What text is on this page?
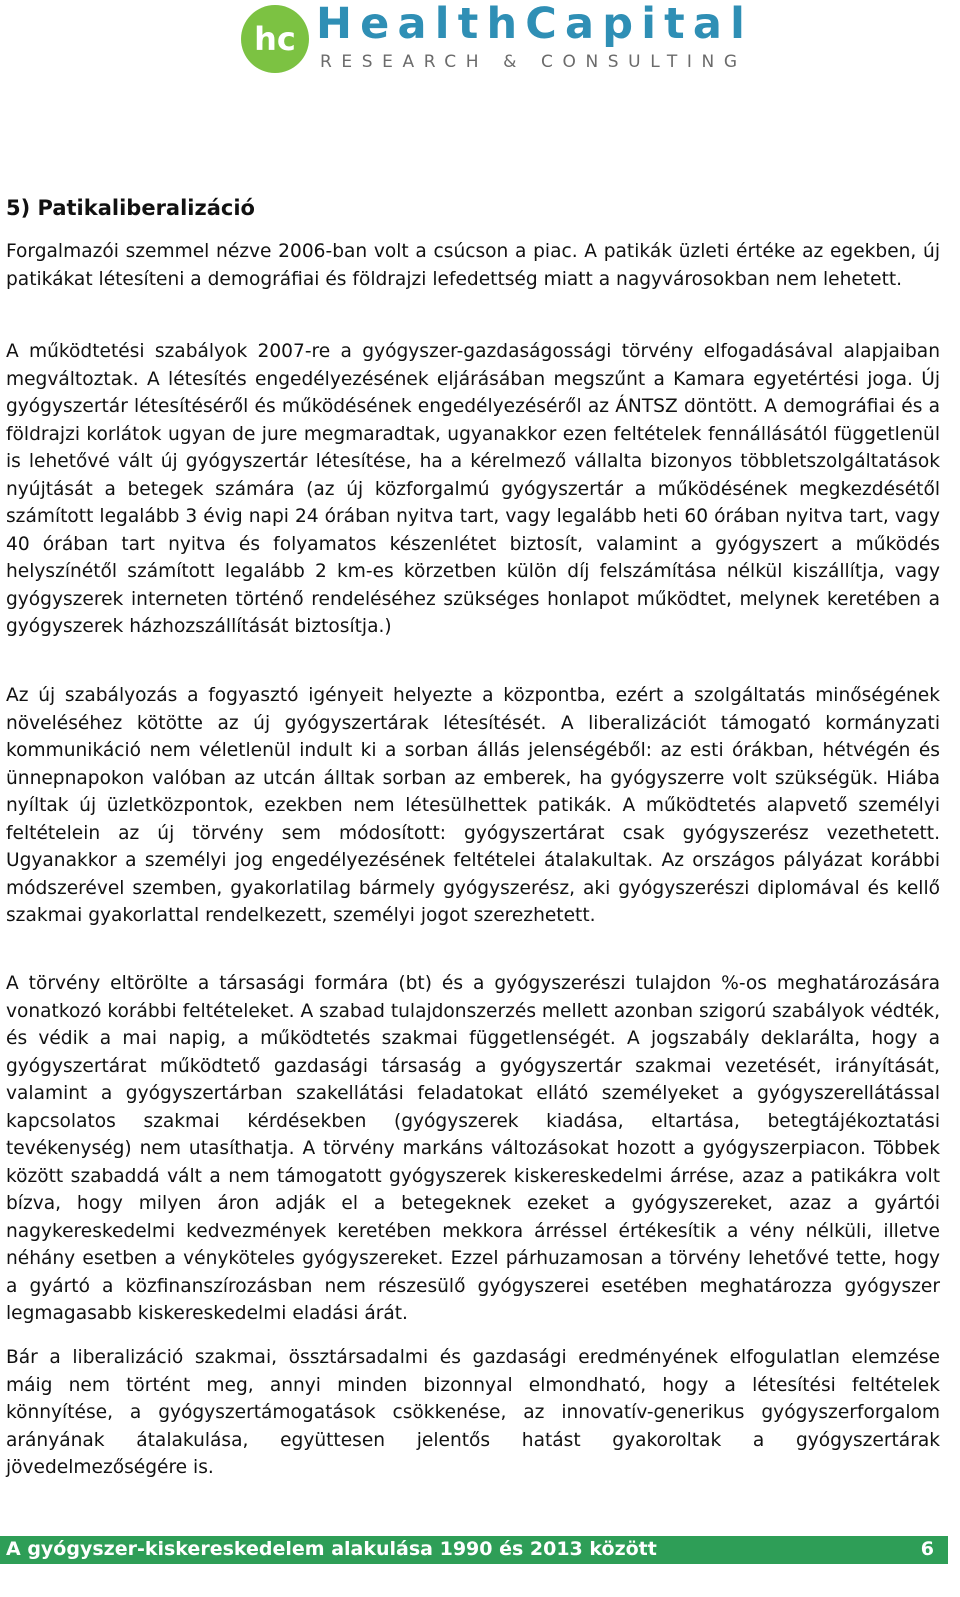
hc HealthCapital
RESEARCH & CONSULTING
5) Patikaliberalizáció

Forgalmazói szemmel nézve 2006-ban volt a csúcson a piac. A patikák üzleti értéke az egekben, új patikákat létesíteni a demográfiai és földrajzi lefedettség miatt a nagyvárosokban nem lehetett.

A működtetési szabályok 2007-re a gyógyszer-gazdaságossági törvény elfogadásával alapjaiban megváltoztak. A létesítés engedélyezésének eljárásában megszűnt a Kamara egyetértési joga. Új gyógyszertár létesítéséről és működésének engedélyezéséről az ÁNTSZ döntött. A demográfiai és a földrajzi korlátok ugyan de jure megmaradtak, ugyanakkor ezen feltételek fennállásától függetlenül is lehetővé vált új gyógyszertár létesítése, ha a kérelmező vállalta bizonyos többletszolgáltatások nyújtását a betegek számára (az új közforgalmú gyógyszertár a működésének megkezdésétől számított legalább 3 évig napi 24 órában nyitva tart, vagy legalább heti 60 órában nyitva tart, vagy 40 órában tart nyitva és folyamatos készenlétet biztosít, valamint a gyógyszert a működés helyszínétől számított legalább 2 km-es körzetben külön díj felszámítása nélkül kiszállítja, vagy gyógyszerek interneten történő rendeléséhez szükséges honlapot működtet, melynek keretében a gyógyszerek házhozszállítását biztosítja.)

Az új szabályozás a fogyasztó igényeit helyezte a központba, ezért a szolgáltatás minőségének növeléséhez kötötte az új gyógyszertárak létesítését. A liberalizációt támogató kormányzati kommunikáció nem véletlenül indult ki a sorban állás jelenségéből: az esti órákban, hétvégén és ünnepnapokon valóban az utcán álltak sorban az emberek, ha gyógyszerre volt szükségük. Hiába nyíltak új üzletközpontok, ezekben nem létesülhettek patikák. A működtetés alapvető személyi feltételein az új törvény sem módosított: gyógyszertárat csak gyógyszerész vezethetett. Ugyanakkor a személyi jog engedélyezésének feltételei átalakultak. Az országos pályázat korábbi módszerével szemben, gyakorlatilag bármely gyógyszerész, aki gyógyszerészi diplomával és kellő szakmai gyakorlattal rendelkezett, személyi jogot szerezhetett.

A törvény eltörölte a társasági formára (bt) és a gyógyszerészi tulajdon %-os meghatározására vonatkozó korábbi feltételeket. A szabad tulajdonszerzés mellett azonban szigorú szabályok védték, és védik a mai napig, a működtetés szakmai függetlenségét. A jogszabály deklarálta, hogy a gyógyszertárat működtető gazdasági társaság a gyógyszertár szakmai vezetését, irányítását, valamint a gyógyszertárban szakellátási feladatokat ellátó személyeket a gyógyszerellátással kapcsolatos szakmai kérdésekben (gyógyszerek kiadása, eltartása, betegtájékoztatási tevékenység) nem utasíthatja. A törvény markáns változásokat hozott a gyógyszerpiacon. Többek között szabaddá vált a nem támogatott gyógyszerek kiskereskedelmi árrése, azaz a patikákra volt bízva, hogy milyen áron adják el a betegeknek ezeket a gyógyszereket, azaz a gyártói nagykereskedelmi kedvezmények keretében mekkora árréssel értékesítik a vény nélküli, illetve néhány esetben a vényköteles gyógyszereket. Ezzel párhuzamosan a törvény lehetővé tette, hogy a gyártó a közfinanszírozásban nem részesülő gyógyszerei esetében meghatározza gyógyszer legmagasabb kiskereskedelmi eladási árát.

Bár a liberalizáció szakmai, össztársadalmi és gazdasági eredményének elfogulatlan elemzése máig nem történt meg, annyi minden bizonnyal elmondható, hogy a létesítési feltételek könnyítése, a gyógyszertámogatások csökkenése, az innovatív-generikus gyógyszerforgalom arányának átalakulása, együttesen jelentős hatást gyakoroltak a gyógyszertárak jövedelmezőségére is.

A gyógyszer-kiskereskedelem alakulása 1990 és 2013 között	6
